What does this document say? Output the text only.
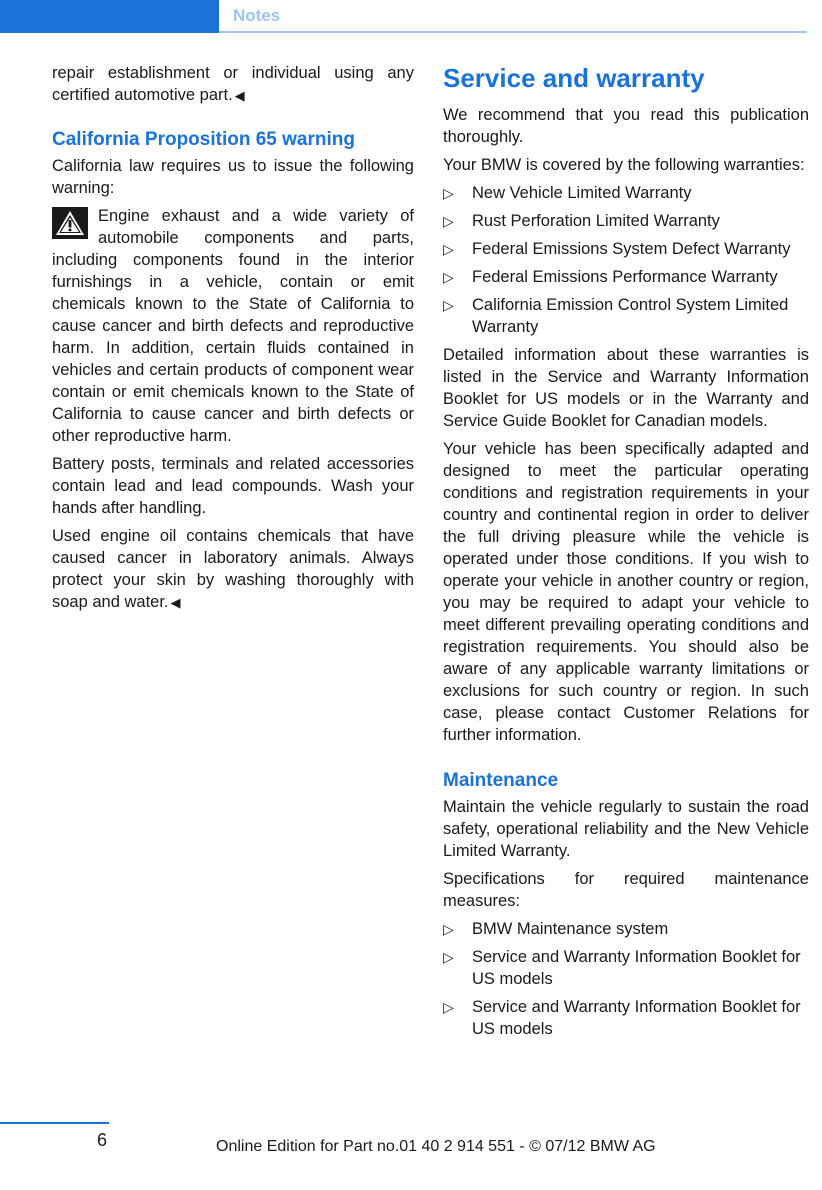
Notes

repair establishment or individual using any certified automotive part. ◀

California Proposition 65 warning

California law requires us to issue the following warning:

Engine exhaust and a wide variety of automobile components and parts, including components found in the interior furnishings in a vehicle, contain or emit chemicals known to the State of California to cause cancer and birth defects and reproductive harm. In addition, certain fluids contained in vehicles and certain products of component wear contain or emit chemicals known to the State of California to cause cancer and birth defects or other reproductive harm.

Battery posts, terminals and related accessories contain lead and lead compounds. Wash your hands after handling.

Used engine oil contains chemicals that have caused cancer in laboratory animals. Always protect your skin by washing thoroughly with soap and water. ◀

Service and warranty

We recommend that you read this publication thoroughly.

Your BMW is covered by the following warranties:

▷ New Vehicle Limited Warranty
▷ Rust Perforation Limited Warranty
▷ Federal Emissions System Defect Warranty
▷ Federal Emissions Performance Warranty
▷ California Emission Control System Limited Warranty

Detailed information about these warranties is listed in the Service and Warranty Information Booklet for US models or in the Warranty and Service Guide Booklet for Canadian models.

Your vehicle has been specifically adapted and designed to meet the particular operating conditions and registration requirements in your country and continental region in order to deliver the full driving pleasure while the vehicle is operated under those conditions. If you wish to operate your vehicle in another country or region, you may be required to adapt your vehicle to meet different prevailing operating conditions and registration requirements. You should also be aware of any applicable warranty limitations or exclusions for such country or region. In such case, please contact Customer Relations for further information.

Maintenance

Maintain the vehicle regularly to sustain the road safety, operational reliability and the New Vehicle Limited Warranty.

Specifications for required maintenance measures:

▷ BMW Maintenance system
▷ Service and Warranty Information Booklet for US models
▷ Service and Warranty Information Booklet for US models
6	Online Edition for Part no.01 40 2 914 551 - © 07/12 BMW AG
